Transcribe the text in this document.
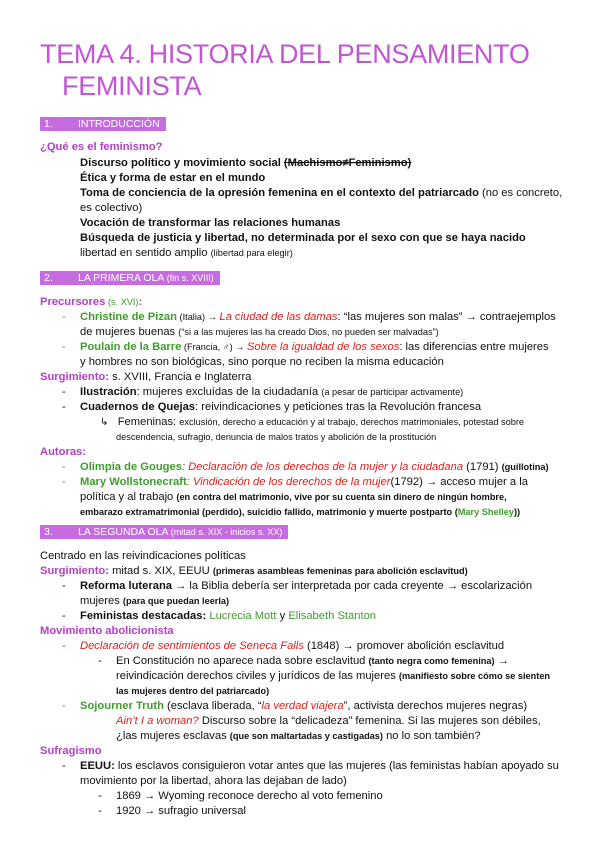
TEMA 4. HISTORIA DEL PENSAMIENTO
FEMINISTA
1. INTRODUCCIÓN
¿Qué es el feminismo?
Discurso político y movimiento social (Machismo≠Feminismo)
Ética y forma de estar en el mundo
Toma de conciencia de la opresión femenina en el contexto del patriarcado (no es concreto,
es colectivo)
Vocación de transformar las relaciones humanas
Búsqueda de justicia y libertad, no determinada por el sexo con que se haya nacido
libertad en sentido amplio (libertad para elegir)
2. LA PRIMERA OLA (fin s. XVIII)
Precursores (s. XVI):
- Christine de Pizan (Italia) → La ciudad de las damas: “las mujeres son malas” → contraejemplos
de mujeres buenas (“si a las mujeres las ha creado Dios, no pueden ser malvadas”)
- Poulain de la Barre (Francia, ♂) → Sobre la igualdad de los sexos: las diferencias entre mujeres
y hombres no son biológicas, sino porque no reciben la misma educación
Surgimiento: s. XVIII, Francia e Inglaterra
- Ilustración: mujeres excluídas de la ciudadanía (a pesar de participar activamente)
- Cuadernos de Quejas: reivindicaciones y peticiones tras la Revolución francesa
↳ Femeninas: exclusión, derecho a educación y al trabajo, derechos matrimoniales, potestad sobre
descendencia, sufragio, denuncia de malos tratos y abolición de la prostitución
Autoras:
- Olimpia de Gouges: Declaración de los derechos de la mujer y la ciudadana (1791) (guillotina)
- Mary Wollstonecraft: Vindicación de los derechos de la mujer(1792) → acceso mujer a la
política y al trabajo (en contra del matrimonio, vive por su cuenta sin dinero de ningún hombre,
embarazo extramatrimonial (perdido), suicidio fallido, matrimonio y muerte postparto (Mary Shelley))
3. LA SEGUNDA OLA (mitad s. XIX - inicios s. XX)
Centrado en las reivindicaciones políticas
Surgimiento: mitad s. XIX, EEUU (primeras asambleas femeninas para abolición esclavitud)
- Reforma luterana → la Biblia debería ser interpretada por cada creyente → escolarización
mujeres (para que puedan leerla)
- Feministas destacadas: Lucrecia Mott y Elisabeth Stanton
Movimiento abolicionista
- Declaración de sentimientos de Seneca Falls (1848) → promover abolición esclavitud
- En Constitución no aparece nada sobre esclavitud (tanto negra como femenina) →
reivindicación derechos civiles y jurídicos de las mujeres (manifiesto sobre cómo se sienten
las mujeres dentro del patriarcado)
- Sojourner Truth (esclava liberada, “la verdad viajera”, activista derechos mujeres negras)
Ain’t I a woman? Discurso sobre la “delicadeza” femenina. Si las mujeres son débiles,
¿las mujeres esclavas (que son maltartadas y castigadas) no lo son también?
Sufragismo
- EEUU: los esclavos consiguieron votar antes que las mujeres (las feministas habían apoyado su
movimiento por la libertad, ahora las dejaban de lado)
- 1869 → Wyoming reconoce derecho al voto femenino
- 1920 → sufragio universal
